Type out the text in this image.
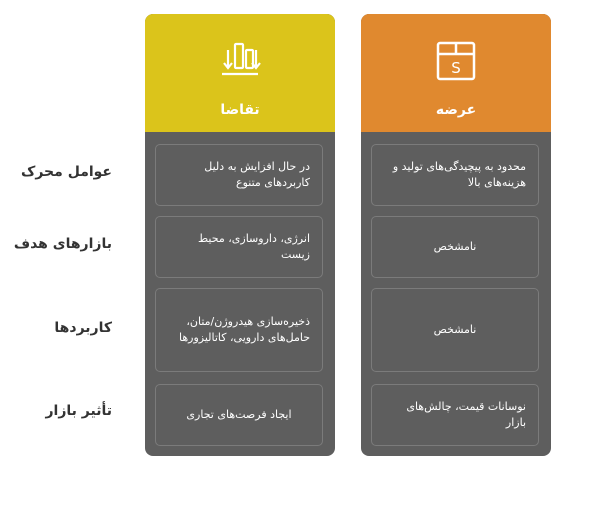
عوامل محرک
بازارهای هدف
کاربردها
تأثیر بازار
S
عرضه
محدود به پیچیدگی‌های تولید و هزینه‌های بالا
نامشخص
نامشخص
نوسانات قیمت، چالش‌های بازار
تقاضا
در حال افزایش به دلیل کاربردهای متنوع
انرژی، داروسازی، محیط زیست
ذخیره‌سازی هیدروژن/متان، حامل‌های دارویی، کاتالیزورها
ایجاد فرصت‌های تجاری
